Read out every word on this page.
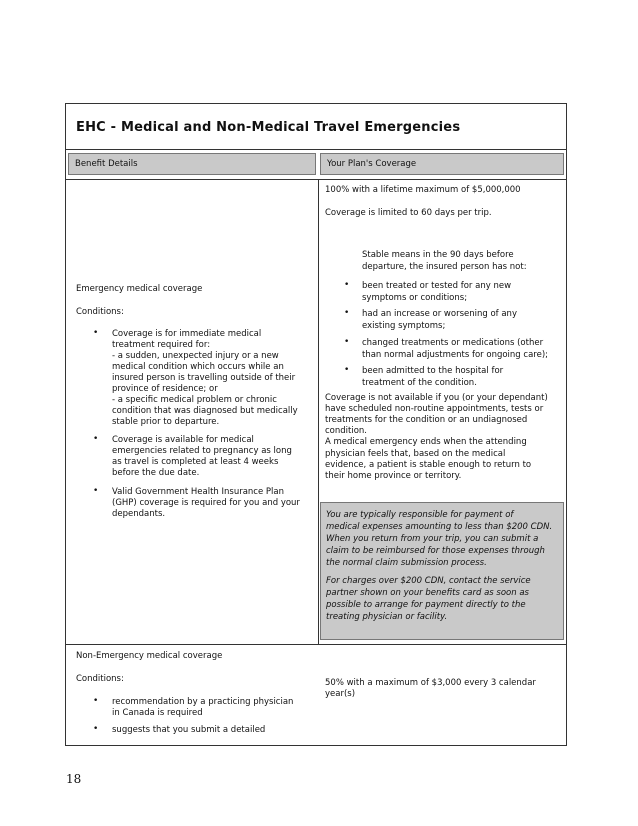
EHC - Medical and Non-Medical Travel Emergencies
Benefit Details	Your Plan's Coverage
100% with a lifetime maximum of $5,000,000
Coverage is limited to 60 days per trip.
Stable means in the 90 days before
departure, the insured person has not:
• been treated or tested for any new
symptoms or conditions;
• had an increase or worsening of any
existing symptoms;
• changed treatments or medications (other
than normal adjustments for ongoing care);
• been admitted to the hospital for
treatment of the condition.
Coverage is not available if you (or your dependant)
have scheduled non-routine appointments, tests or
treatments for the condition or an undiagnosed
condition.
A medical emergency ends when the attending
physician feels that, based on the medical
evidence, a patient is stable enough to return to
their home province or territory.
Emergency medical coverage
Conditions:
• Coverage is for immediate medical
treatment required for:
- a sudden, unexpected injury or a new
medical condition which occurs while an
insured person is travelling outside of their
province of residence; or
- a specific medical problem or chronic
condition that was diagnosed but medically
stable prior to departure.
• Coverage is available for medical
emergencies related to pregnancy as long
as travel is completed at least 4 weeks
before the due date.
• Valid Government Health Insurance Plan
(GHP) coverage is required for you and your
dependants.	You are typically responsible for payment of
medical expenses amounting to less than $200 CDN.
When you return from your trip, you can submit a
claim to be reimbursed for those expenses through
the normal claim submission process.
For charges over $200 CDN, contact the service
partner shown on your benefits card as soon as
possible to arrange for payment directly to the
treating physician or facility.
Non-Emergency medical coverage
Conditions:
• recommendation by a practicing physician
in Canada is required
• suggests that you submit a detailed
50% with a maximum of $3,000 every 3 calendar
year(s)
18
